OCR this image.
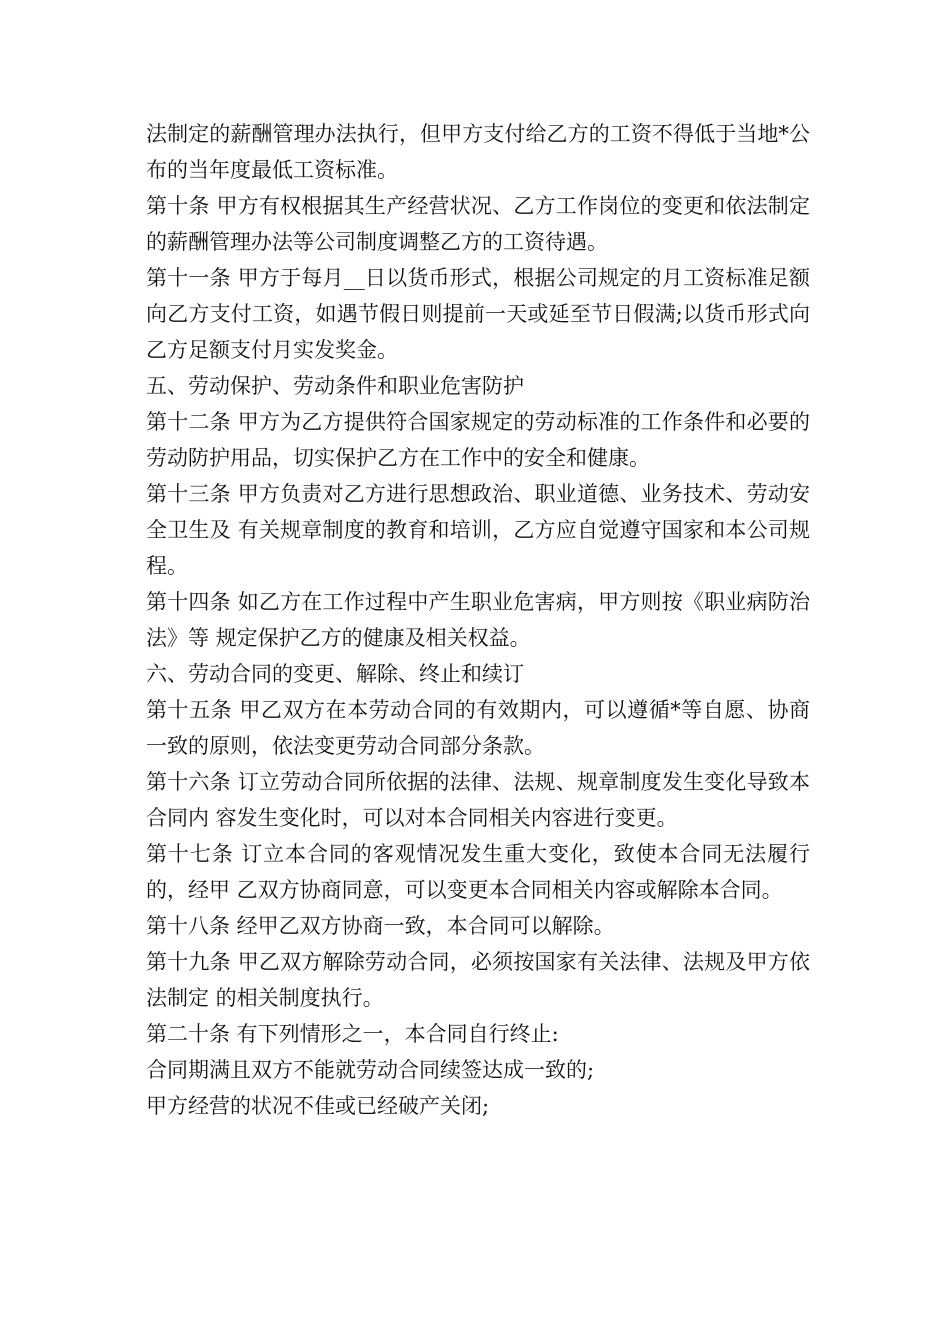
法制定的薪酬管理办法执行，但甲方支付给乙方的工资不得低于当地*公布的当年度最低工资标准。

第十条 甲方有权根据其生产经营状况、乙方工作岗位的变更和依法制定的薪酬管理办法等公司制度调整乙方的工资待遇。

第十一条 甲方于每月__日以货币形式，根据公司规定的月工资标准足额向乙方支付工资，如遇节假日则提前一天或延至节日假满;以货币形式向乙方足额支付月实发奖金。

五、劳动保护、劳动条件和职业危害防护

第十二条 甲方为乙方提供符合国家规定的劳动标准的工作条件和必要的劳动防护用品，切实保护乙方在工作中的安全和健康。

第十三条 甲方负责对乙方进行思想政治、职业道德、业务技术、劳动安全卫生及 有关规章制度的教育和培训，乙方应自觉遵守国家和本公司规程。

第十四条 如乙方在工作过程中产生职业危害病，甲方则按《职业病防治法》等 规定保护乙方的健康及相关权益。

六、劳动合同的变更、解除、终止和续订

第十五条 甲乙双方在本劳动合同的有效期内，可以遵循*等自愿、协商一致的原则，依法变更劳动合同部分条款。

第十六条 订立劳动合同所依据的法律、法规、规章制度发生变化导致本合同内 容发生变化时，可以对本合同相关内容进行变更。

第十七条 订立本合同的客观情况发生重大变化，致使本合同无法履行的，经甲 乙双方协商同意，可以变更本合同相关内容或解除本合同。

第十八条 经甲乙双方协商一致，本合同可以解除。

第十九条 甲乙双方解除劳动合同，必须按国家有关法律、法规及甲方依法制定 的相关制度执行。

第二十条 有下列情形之一，本合同自行终止:

合同期满且双方不能就劳动合同续签达成一致的;

甲方经营的状况不佳或已经破产关闭;
